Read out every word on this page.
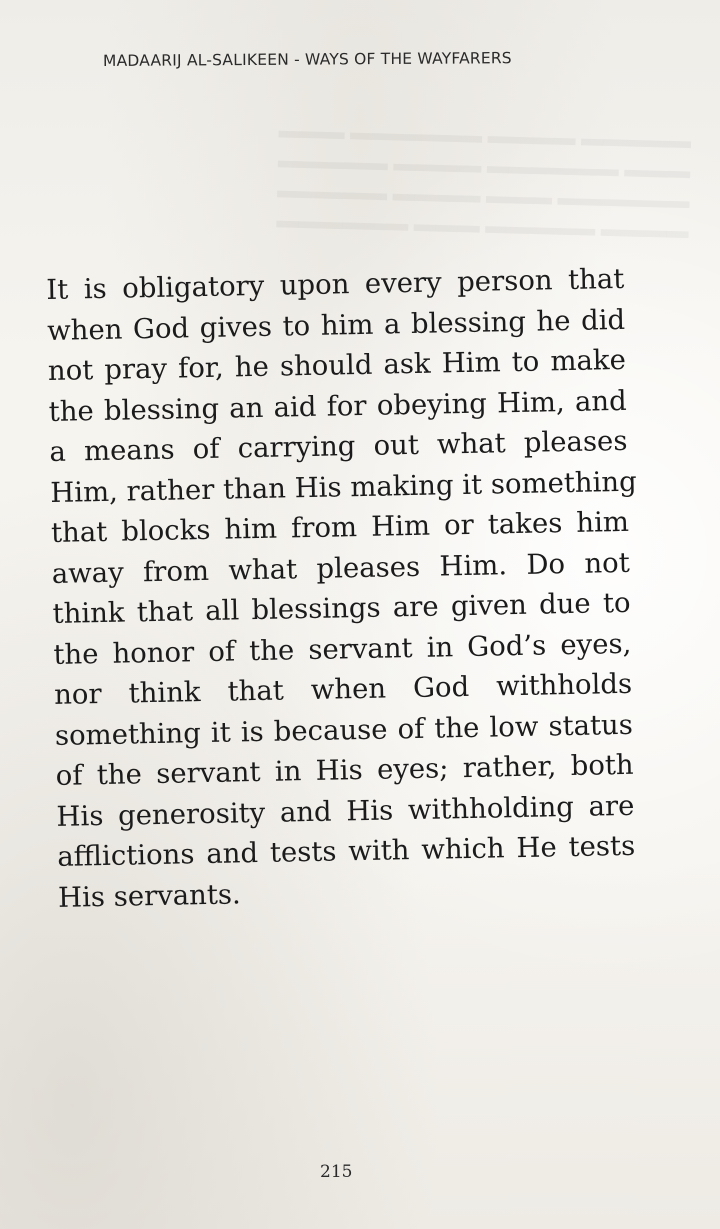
▬▬▬▬▬ ▬▬▬▬ ▬▬▬▬▬▬ ▬▬▬
▬▬▬ ▬▬▬▬▬▬ ▬▬▬▬ ▬▬▬▬▬
▬▬▬▬▬▬ ▬▬▬ ▬▬▬▬ ▬▬▬▬▬
▬▬▬▬ ▬▬▬▬▬ ▬▬▬ ▬▬▬▬▬▬
MADAARIJ AL-SALIKEEN - WAYS OF THE WAYFARERS
It is obligatory upon every person that
when God gives to him a blessing he did
not pray for, he should ask Him to make
the blessing an aid for obeying Him, and
a means of carrying out what pleases
Him, rather than His making it something
that blocks him from Him or takes him
away from what pleases Him. Do not
think that all blessings are given due to
the honor of the servant in God’s eyes,
nor think that when God withholds
something it is because of the low status
of the servant in His eyes; rather, both
His generosity and His withholding are
afflictions and tests with which He tests
His servants.
215
